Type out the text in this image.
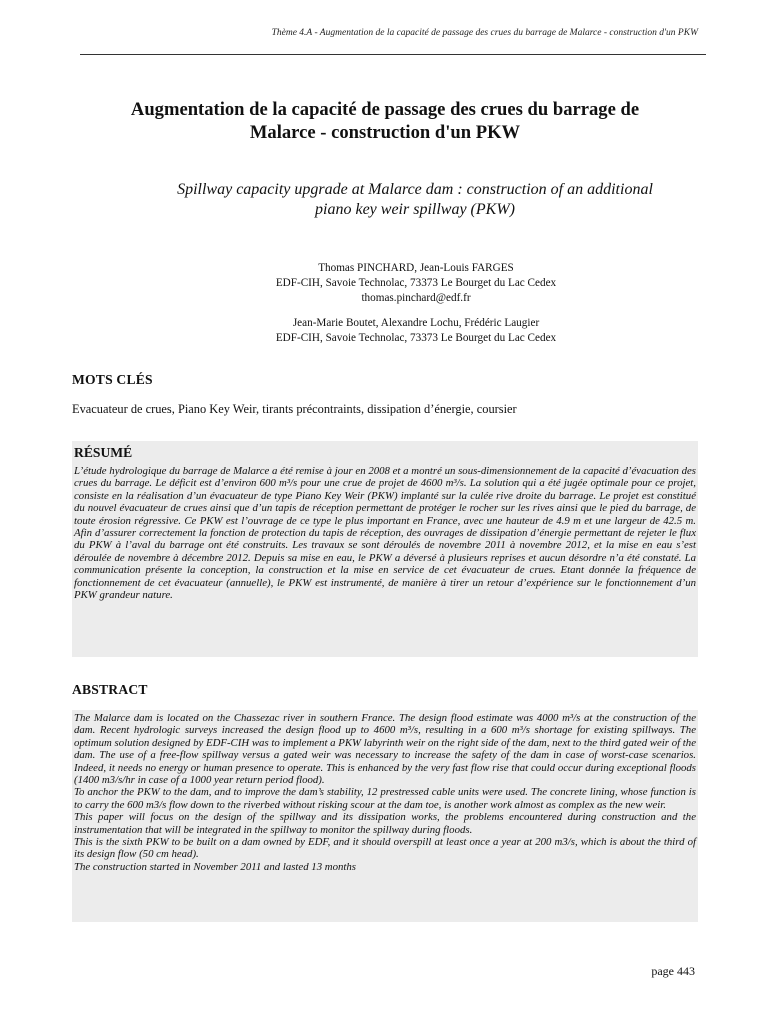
Thème 4.A - Augmentation de la capacité de passage des crues du barrage de Malarce - construction d'un PKW
Augmentation de la capacité de passage des crues du barrage de
Malarce - construction d'un PKW
Spillway capacity upgrade at Malarce dam : construction of an additional
piano key weir spillway (PKW)
Thomas PINCHARD, Jean-Louis FARGES
EDF-CIH, Savoie Technolac, 73373 Le Bourget du Lac Cedex
thomas.pinchard@edf.fr
Jean-Marie Boutet, Alexandre Lochu, Frédéric Laugier
EDF-CIH, Savoie Technolac, 73373 Le Bourget du Lac Cedex
MOTS CLÉS
Evacuateur de crues, Piano Key Weir, tirants précontraints, dissipation d’énergie, coursier
RÉSUMÉ
L’étude hydrologique du barrage de Malarce a été remise à jour en 2008 et a montré un sous-dimensionnement de la capacité d’évacuation des crues du barrage. Le déficit est d’environ 600 m³/s pour une crue de projet de 4600 m³/s. La solution qui a été jugée optimale pour ce projet, consiste en la réalisation d’un évacuateur de type Piano Key Weir (PKW) implanté sur la culée rive droite du barrage. Le projet est constitué du nouvel évacuateur de crues ainsi que d’un tapis de réception permettant de protéger le rocher sur les rives ainsi que le pied du barrage, de toute érosion régressive. Ce PKW est l’ouvrage de ce type le plus important en France, avec une hauteur de 4.9 m et une largeur de 42.5 m. Afin d’assurer correctement la fonction de protection du tapis de réception, des ouvrages de dissipation d’énergie permettant de rejeter le flux du PKW à l’aval du barrage ont été construits. Les travaux se sont déroulés de novembre 2011 à novembre 2012, et la mise en eau s’est déroulée de novembre à décembre 2012. Depuis sa mise en eau, le PKW a déversé à plusieurs reprises et aucun désordre n’a été constaté. La communication présente la conception, la construction et la mise en service de cet évacuateur de crues. Etant donnée la fréquence de fonctionnement de cet évacuateur (annuelle), le PKW est instrumenté, de manière à tirer un retour d’expérience sur le fonctionnement d’un PKW grandeur nature.
ABSTRACT
The Malarce dam is located on the Chassezac river in southern France. The design flood estimate was 4000 m³/s at the construction of the dam. Recent hydrologic surveys increased the design flood up to 4600 m³/s, resulting in a 600 m³/s shortage for existing spillways. The optimum solution designed by EDF-CIH was to implement a PKW labyrinth weir on the right side of the dam, next to the third gated weir of the dam. The use of a free-flow spillway versus a gated weir was necessary to increase the safety of the dam in case of worst-case scenarios. Indeed, it needs no energy or human presence to operate. This is enhanced by the very fast flow rise that could occur during exceptional floods (1400 m3/s/hr in case of a 1000 year return period flood).
To anchor the PKW to the dam, and to improve the dam’s stability, 12 prestressed cable units were used. The concrete lining, whose function is to carry the 600 m3/s flow down to the riverbed without risking scour at the dam toe, is another work almost as complex as the new weir.
This paper will focus on the design of the spillway and its dissipation works, the problems encountered during construction and the instrumentation that will be integrated in the spillway to monitor the spillway during floods.
This is the sixth PKW to be built on a dam owned by EDF, and it should overspill at least once a year at 200 m3/s, which is about the third of its design flow (50 cm head).
The construction started in November 2011 and lasted 13 months
page 443
